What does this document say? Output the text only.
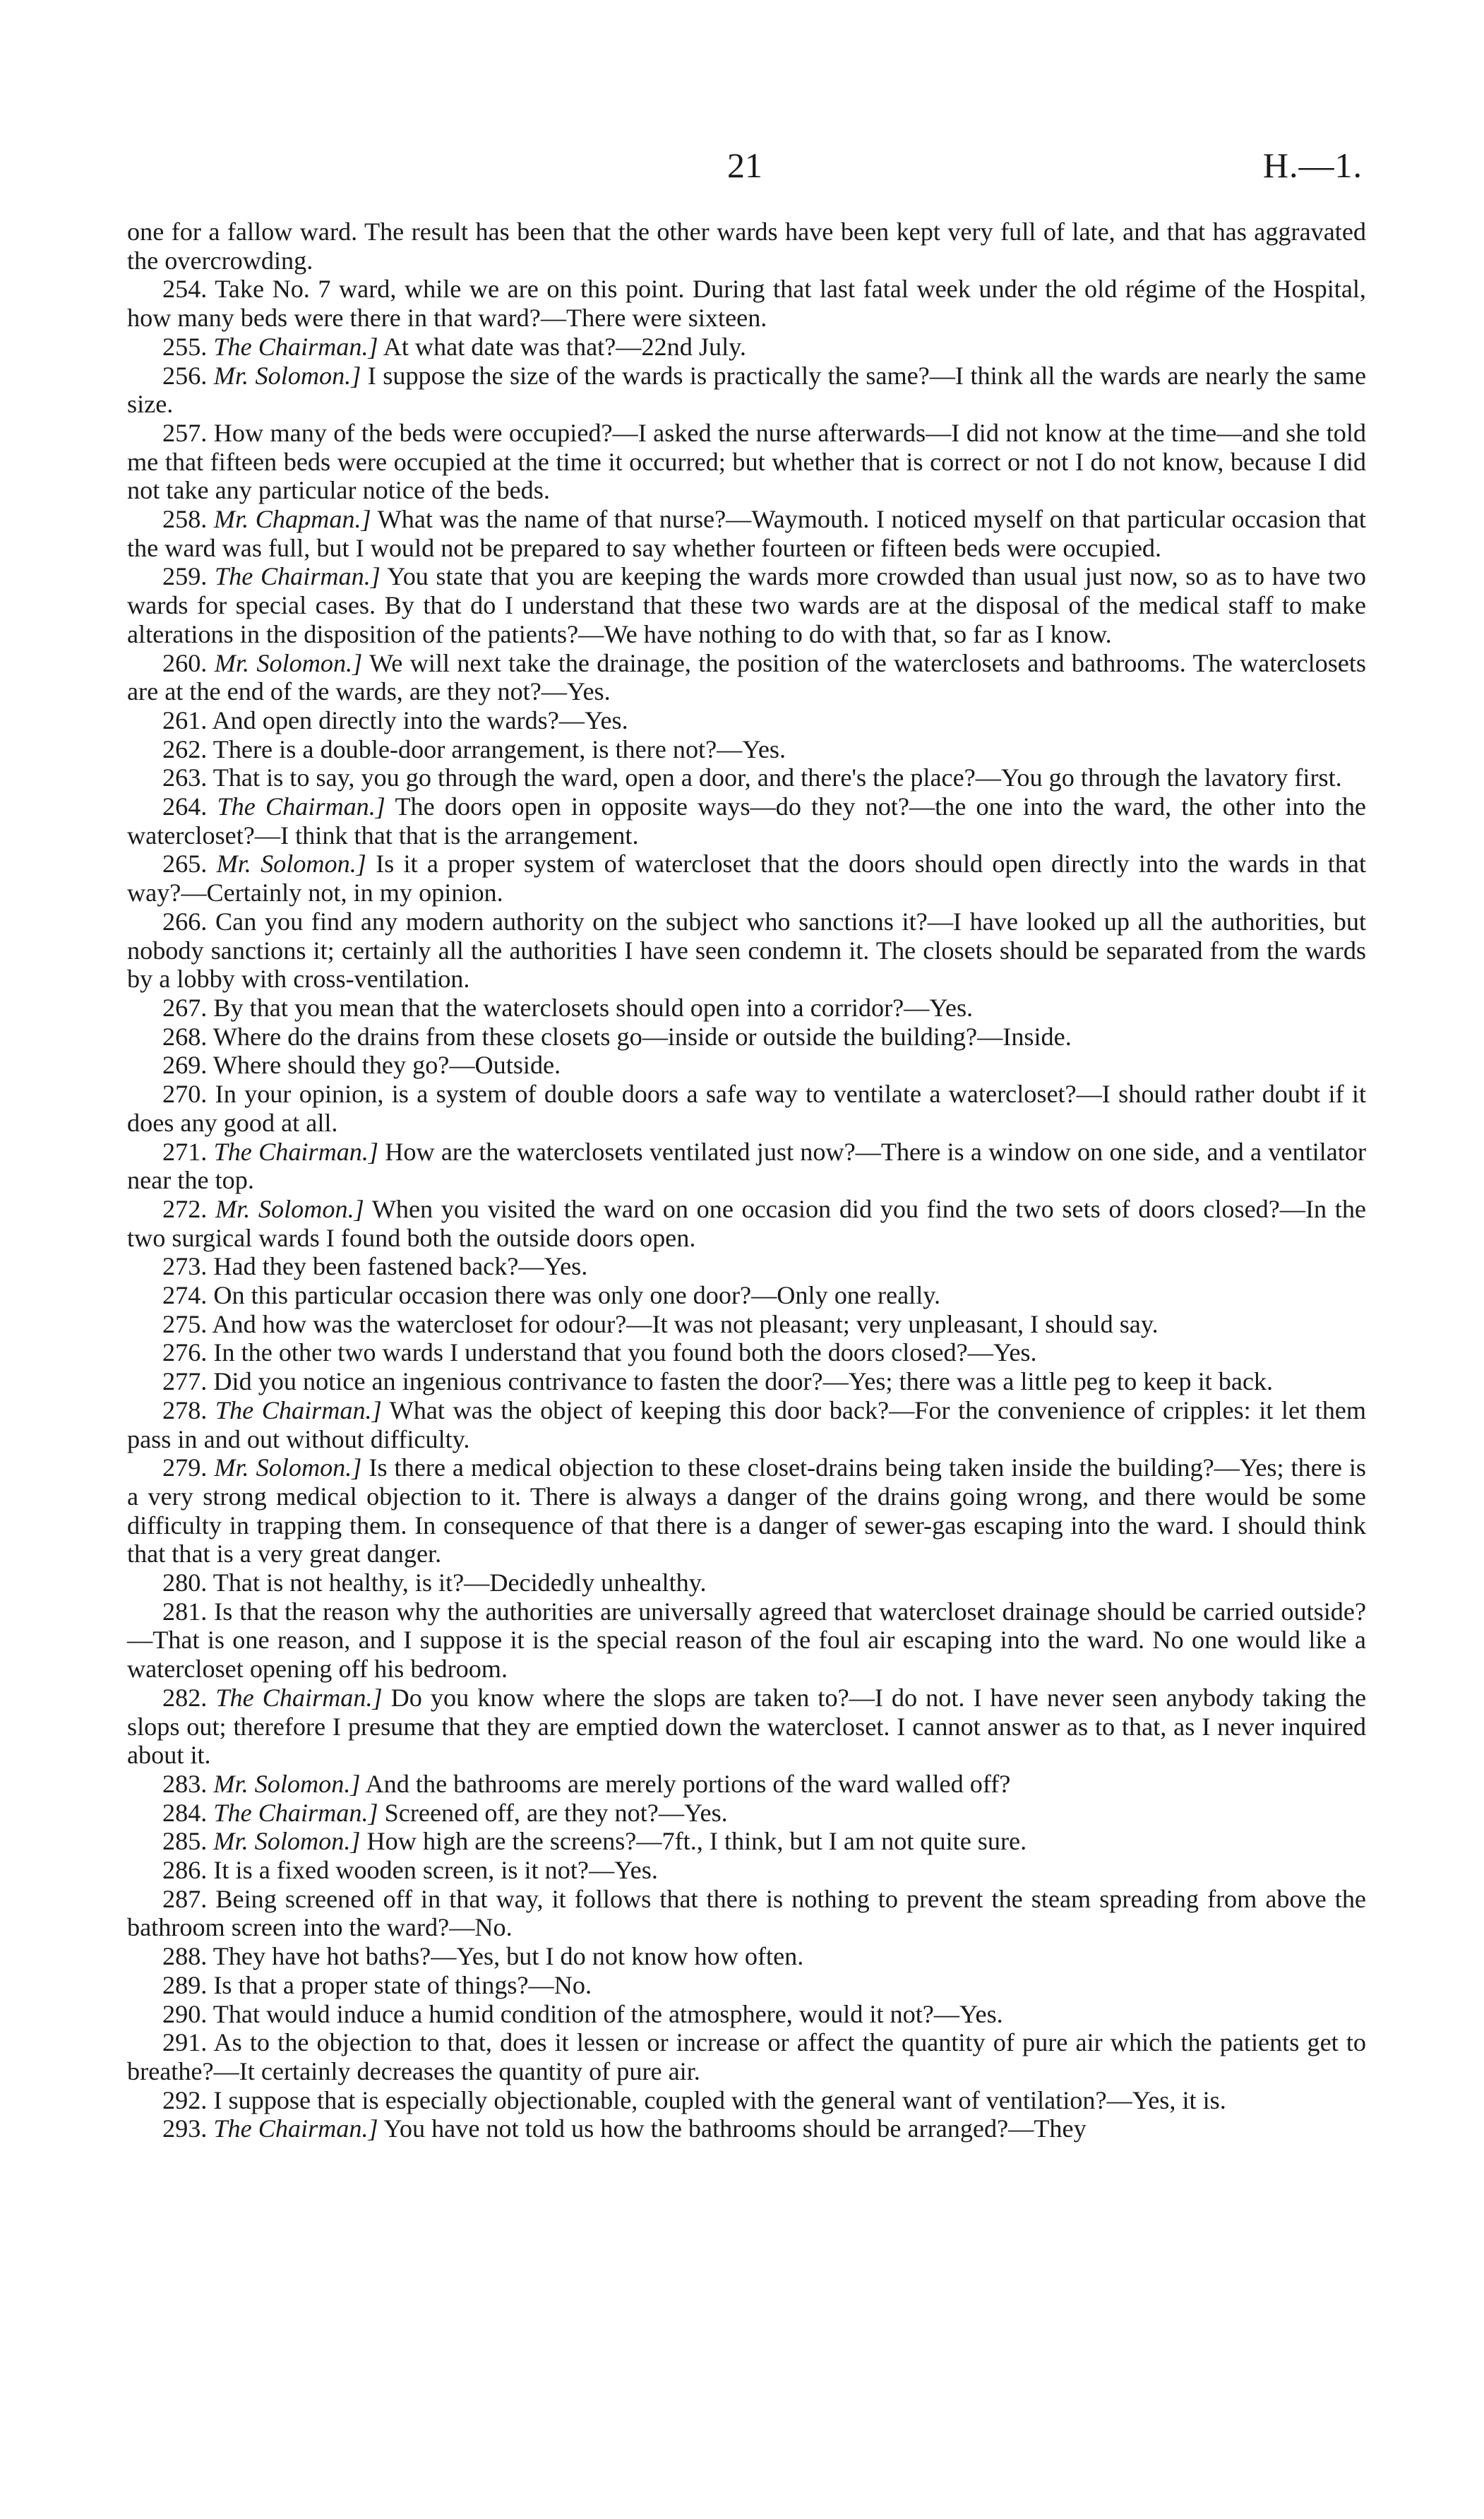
21	H.—1.

one for a fallow ward. The result has been that the other wards have been kept very full of late, and that has aggravated the overcrowding.

254. Take No. 7 ward, while we are on this point. During that last fatal week under the old régime of the Hospital, how many beds were there in that ward?—There were sixteen.

255. The Chairman.] At what date was that?—22nd July.

256. Mr. Solomon.] I suppose the size of the wards is practically the same?—I think all the wards are nearly the same size.

257. How many of the beds were occupied?—I asked the nurse afterwards—I did not know at the time—and she told me that fifteen beds were occupied at the time it occurred; but whether that is correct or not I do not know, because I did not take any particular notice of the beds.

258. Mr. Chapman.] What was the name of that nurse?—Waymouth. I noticed myself on that particular occasion that the ward was full, but I would not be prepared to say whether fourteen or fifteen beds were occupied.

259. The Chairman.] You state that you are keeping the wards more crowded than usual just now, so as to have two wards for special cases. By that do I understand that these two wards are at the disposal of the medical staff to make alterations in the disposition of the patients?—We have nothing to do with that, so far as I know.

260. Mr. Solomon.] We will next take the drainage, the position of the waterclosets and bathrooms. The waterclosets are at the end of the wards, are they not?—Yes.

261. And open directly into the wards?—Yes.

262. There is a double-door arrangement, is there not?—Yes.

263. That is to say, you go through the ward, open a door, and there's the place?—You go through the lavatory first.

264. The Chairman.] The doors open in opposite ways—do they not?—the one into the ward, the other into the watercloset?—I think that that is the arrangement.

265. Mr. Solomon.] Is it a proper system of watercloset that the doors should open directly into the wards in that way?—Certainly not, in my opinion.

266. Can you find any modern authority on the subject who sanctions it?—I have looked up all the authorities, but nobody sanctions it; certainly all the authorities I have seen condemn it. The closets should be separated from the wards by a lobby with cross-ventilation.

267. By that you mean that the waterclosets should open into a corridor?—Yes.

268. Where do the drains from these closets go—inside or outside the building?—Inside.

269. Where should they go?—Outside.

270. In your opinion, is a system of double doors a safe way to ventilate a watercloset?—I should rather doubt if it does any good at all.

271. The Chairman.] How are the waterclosets ventilated just now?—There is a window on one side, and a ventilator near the top.

272. Mr. Solomon.] When you visited the ward on one occasion did you find the two sets of doors closed?—In the two surgical wards I found both the outside doors open.

273. Had they been fastened back?—Yes.

274. On this particular occasion there was only one door?—Only one really.

275. And how was the watercloset for odour?—It was not pleasant; very unpleasant, I should say.

276. In the other two wards I understand that you found both the doors closed?—Yes.

277. Did you notice an ingenious contrivance to fasten the door?—Yes; there was a little peg to keep it back.

278. The Chairman.] What was the object of keeping this door back?—For the convenience of cripples: it let them pass in and out without difficulty.

279. Mr. Solomon.] Is there a medical objection to these closet-drains being taken inside the building?—Yes; there is a very strong medical objection to it. There is always a danger of the drains going wrong, and there would be some difficulty in trapping them. In consequence of that there is a danger of sewer-gas escaping into the ward. I should think that that is a very great danger.

280. That is not healthy, is it?—Decidedly unhealthy.

281. Is that the reason why the authorities are universally agreed that watercloset drainage should be carried outside?—That is one reason, and I suppose it is the special reason of the foul air escaping into the ward. No one would like a watercloset opening off his bedroom.

282. The Chairman.] Do you know where the slops are taken to?—I do not. I have never seen anybody taking the slops out; therefore I presume that they are emptied down the watercloset. I cannot answer as to that, as I never inquired about it.

283. Mr. Solomon.] And the bathrooms are merely portions of the ward walled off?

284. The Chairman.] Screened off, are they not?—Yes.

285. Mr. Solomon.] How high are the screens?—7ft., I think, but I am not quite sure.

286. It is a fixed wooden screen, is it not?—Yes.

287. Being screened off in that way, it follows that there is nothing to prevent the steam spreading from above the bathroom screen into the ward?—No.

288. They have hot baths?—Yes, but I do not know how often.

289. Is that a proper state of things?—No.

290. That would induce a humid condition of the atmosphere, would it not?—Yes.

291. As to the objection to that, does it lessen or increase or affect the quantity of pure air which the patients get to breathe?—It certainly decreases the quantity of pure air.

292. I suppose that is especially objectionable, coupled with the general want of ventilation?—Yes, it is.

293. The Chairman.] You have not told us how the bathrooms should be arranged?—They
